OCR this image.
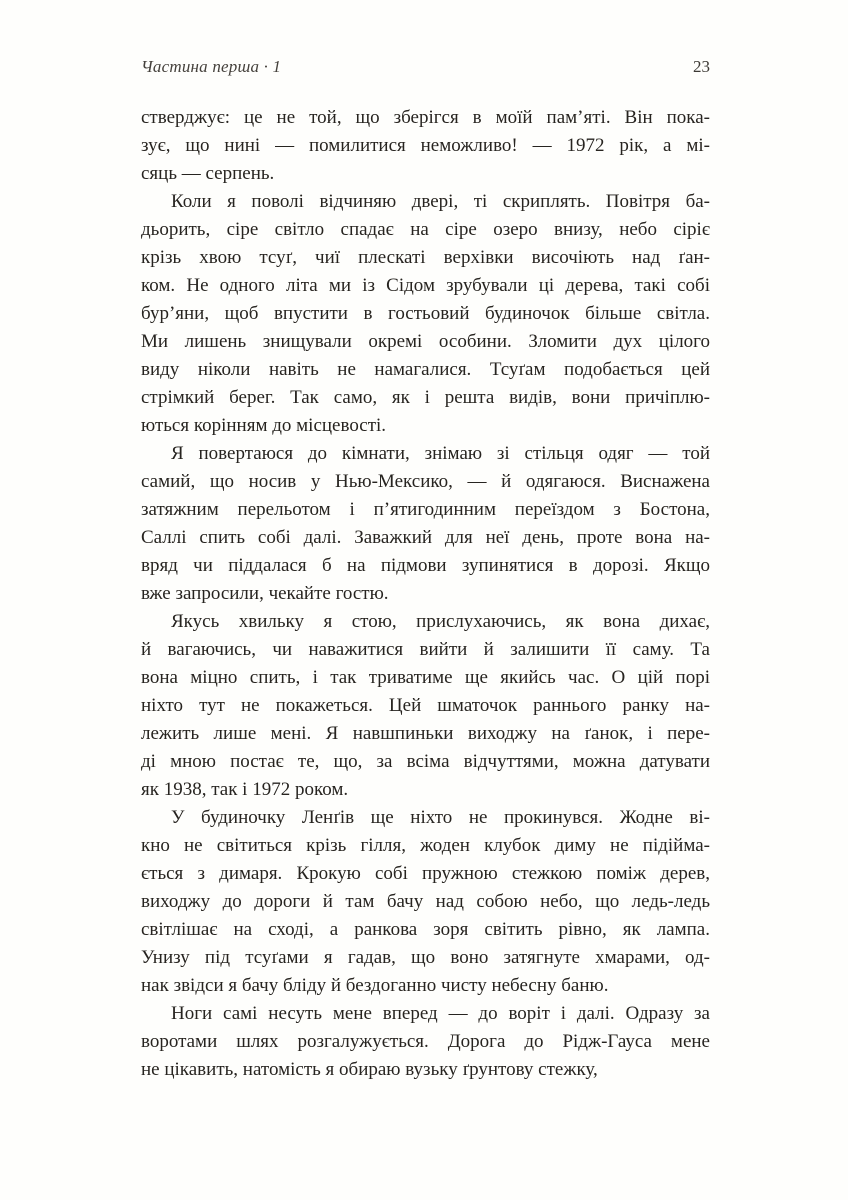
Частина перша · 1	23

стверджує: це не той, що зберігся в моїй пам’яті. Він пока-
зує, що нині — помилитися неможливо! — 1972 рік, а мі-
сяць — серпень.

Коли я поволі відчиняю двері, ті скриплять. Повітря ба-
дьорить, сіре світло спадає на сіре озеро внизу, небо сіріє
крізь хвою тсуґ, чиї плескаті верхівки височіють над ґан-
ком. Не одного літа ми із Сідом зрубували ці дерева, такі собі
бур’яни, щоб впустити в гостьовий будиночок більше світла.
Ми лишень знищували окремі особини. Зломити дух цілого
виду ніколи навіть не намагалися. Тсуґам подобається цей
стрімкий берег. Так само, як і решта видів, вони причіплю-
ються корінням до місцевості.

Я повертаюся до кімнати, знімаю зі стільця одяг — той
самий, що носив у Нью-Мексико, — й одягаюся. Виснажена
затяжним перельотом і п’ятигодинним переїздом з Бостона,
Саллі спить собі далі. Заважкий для неї день, проте вона на-
вряд чи піддалася б на підмови зупинятися в дорозі. Якщо
вже запросили, чекайте гостю.

Якусь хвильку я стою, прислухаючись, як вона дихає,
й вагаючись, чи наважитися вийти й залишити її саму. Та
вона міцно спить, і так триватиме ще якийсь час. О цій порі
ніхто тут не покажеться. Цей шматочок раннього ранку на-
лежить лише мені. Я навшпиньки виходжу на ґанок, і пере-
ді мною постає те, що, за всіма відчуттями, можна датувати
як 1938, так і 1972 роком.

У будиночку Ленґів ще ніхто не прокинувся. Жодне ві-
кно не світиться крізь гілля, жоден клубок диму не підійма-
ється з димаря. Крокую собі пружною стежкою поміж дерев,
виходжу до дороги й там бачу над собою небо, що ледь-ледь
світлішає на сході, а ранкова зоря світить рівно, як лампа.
Унизу під тсуґами я гадав, що воно затягнуте хмарами, од-
нак звідси я бачу бліду й бездоганно чисту небесну баню.

Ноги самі несуть мене вперед — до воріт і далі. Одразу за
воротами шлях розгалужується. Дорога до Рідж-Гауса мене
не цікавить, натомість я обираю вузьку ґрунтову стежку,
